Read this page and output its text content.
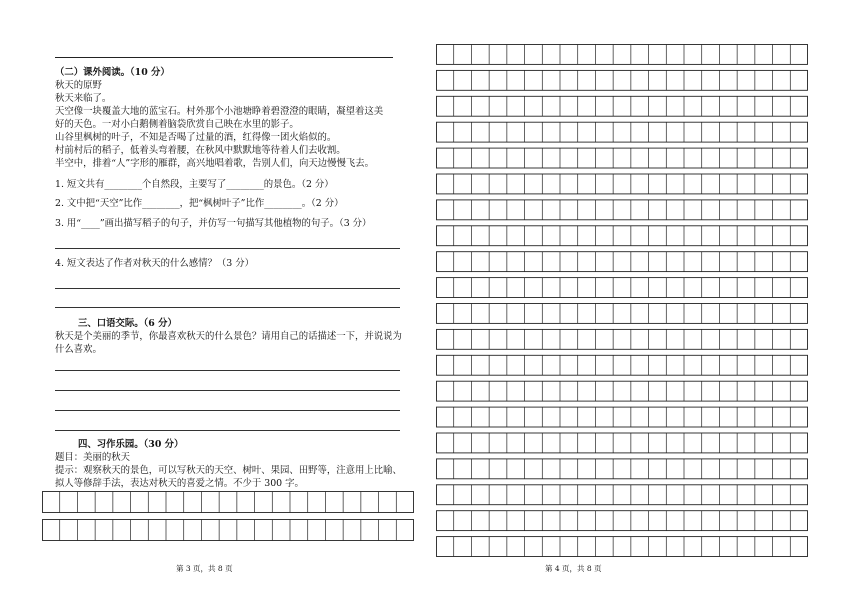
（二）课外阅读。（10 分）
秋天的原野
秋天来临了。
天空像一块覆盖大地的蓝宝石。村外那个小池塘睁着碧澄澄的眼睛，凝望着这美
好的天色。一对小白鹅侧着脑袋欣赏自己映在水里的影子。
山谷里枫树的叶子，不知是否喝了过量的酒，红得像一团火焰似的。
村前村后的稻子，低着头弯着腰，在秋风中默默地等待着人们去收割。
半空中，排着“人”字形的雁群，高兴地唱着歌，告别人们，向天边慢慢飞去。
1. 短文共有________个自然段，主要写了________的景色。（2 分）
2. 文中把“天空”比作________，把“枫树叶子”比作________。（2 分）
3. 用“____”画出描写稻子的句子，并仿写一句描写其他植物的句子。（3 分）
4. 短文表达了作者对秋天的什么感情？（3 分）
三、口语交际。（6 分）
秋天是个美丽的季节，你最喜欢秋天的什么景色？请用自己的话描述一下，并说说为什么喜欢。
四、习作乐园。（30 分）
题目：美丽的秋天
提示：观察秋天的景色，可以写秋天的天空、树叶、果园、田野等，注意用上比喻、拟人等修辞手法，表达对秋天的喜爱之情。不少于 300 字。
第 3 页，共 8 页	第 4 页，共 8 页
